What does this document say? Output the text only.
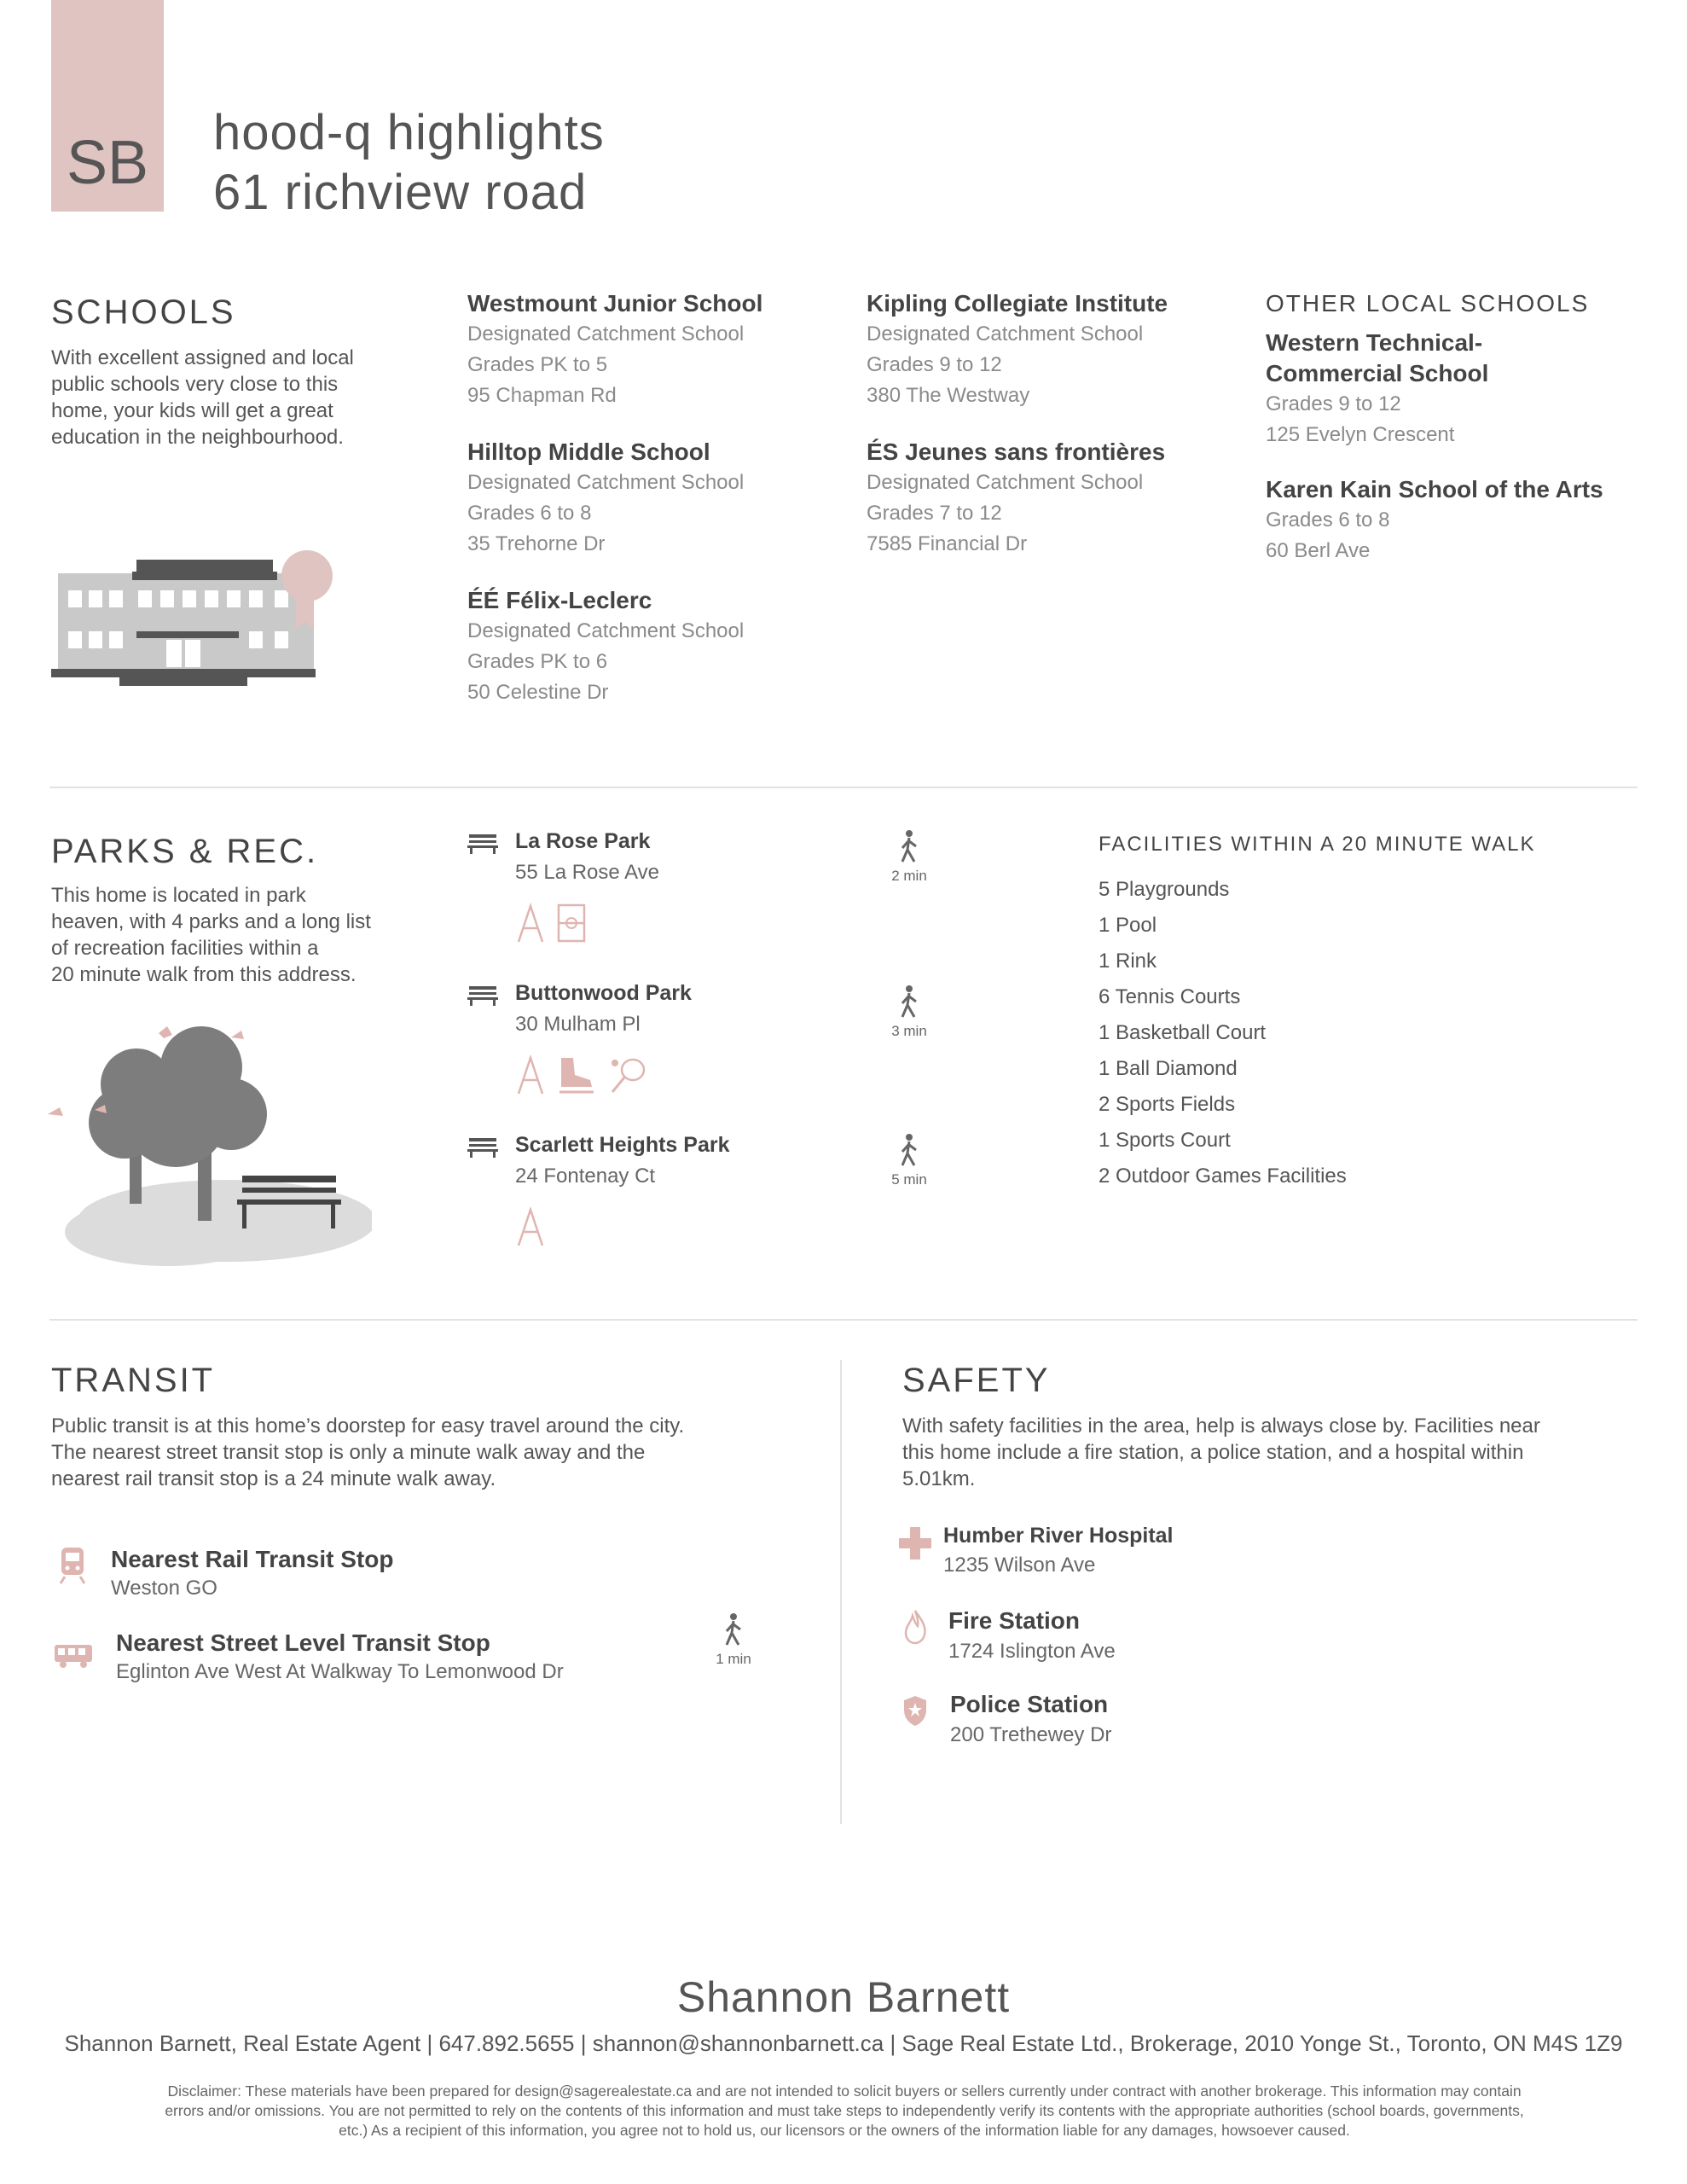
SB	hood-q highlights
61 richview road
SCHOOLS
With excellent assigned and local
public schools very close to this
home, your kids will get a great
education in the neighbourhood.
Westmount Junior School
Designated Catchment School
Grades PK to 5
95 Chapman Rd
Hilltop Middle School
Designated Catchment School
Grades 6 to 8
35 Trehorne Dr
ÉÉ Félix-Leclerc
Designated Catchment School
Grades PK to 6
50 Celestine Dr
Kipling Collegiate Institute
Designated Catchment School
Grades 9 to 12
380 The Westway
ÉS Jeunes sans frontières
Designated Catchment School
Grades 7 to 12
7585 Financial Dr
OTHER LOCAL SCHOOLS
Western Technical-
Commercial School
Grades 9 to 12
125 Evelyn Crescent
Karen Kain School of the Arts
Grades 6 to 8
60 Berl Ave
PARKS & REC.
This home is located in park
heaven, with 4 parks and a long list
of recreation facilities within a
20 minute walk from this address.
La Rose Park
55 La Rose Ave
Buttonwood Park
30 Mulham Pl
Scarlett Heights Park
24 Fontenay Ct
2 min
3 min
5 min
FACILITIES WITHIN A 20 MINUTE WALK
5 Playgrounds
1 Pool
1 Rink
6 Tennis Courts
1 Basketball Court
1 Ball Diamond
2 Sports Fields
1 Sports Court
2 Outdoor Games Facilities
TRANSIT
Public transit is at this home’s doorstep for easy travel around the city.
The nearest street transit stop is only a minute walk away and the
nearest rail transit stop is a 24 minute walk away.
Nearest Rail Transit Stop
Weston GO
Nearest Street Level Transit Stop
Eglinton Ave West At Walkway To Lemonwood Dr
1 min
SAFETY
With safety facilities in the area, help is always close by. Facilities near
this home include a fire station, a police station, and a hospital within
5.01km.
Humber River Hospital
1235 Wilson Ave
Fire Station
1724 Islington Ave
Police Station
200 Trethewey Dr
Shannon Barnett
Shannon Barnett, Real Estate Agent | 647.892.5655 | shannon@shannonbarnett.ca | Sage Real Estate Ltd., Brokerage, 2010 Yonge St., Toronto, ON M4S 1Z9
Disclaimer: These materials have been prepared for design@sagerealestate.ca and are not intended to solicit buyers or sellers currently under contract with another brokerage. This information may contain
errors and/or omissions. You are not permitted to rely on the contents of this information and must take steps to independently verify its contents with the appropriate authorities (school boards, governments,
etc.) As a recipient of this information, you agree not to hold us, our licensors or the owners of the information liable for any damages, howsoever caused.
